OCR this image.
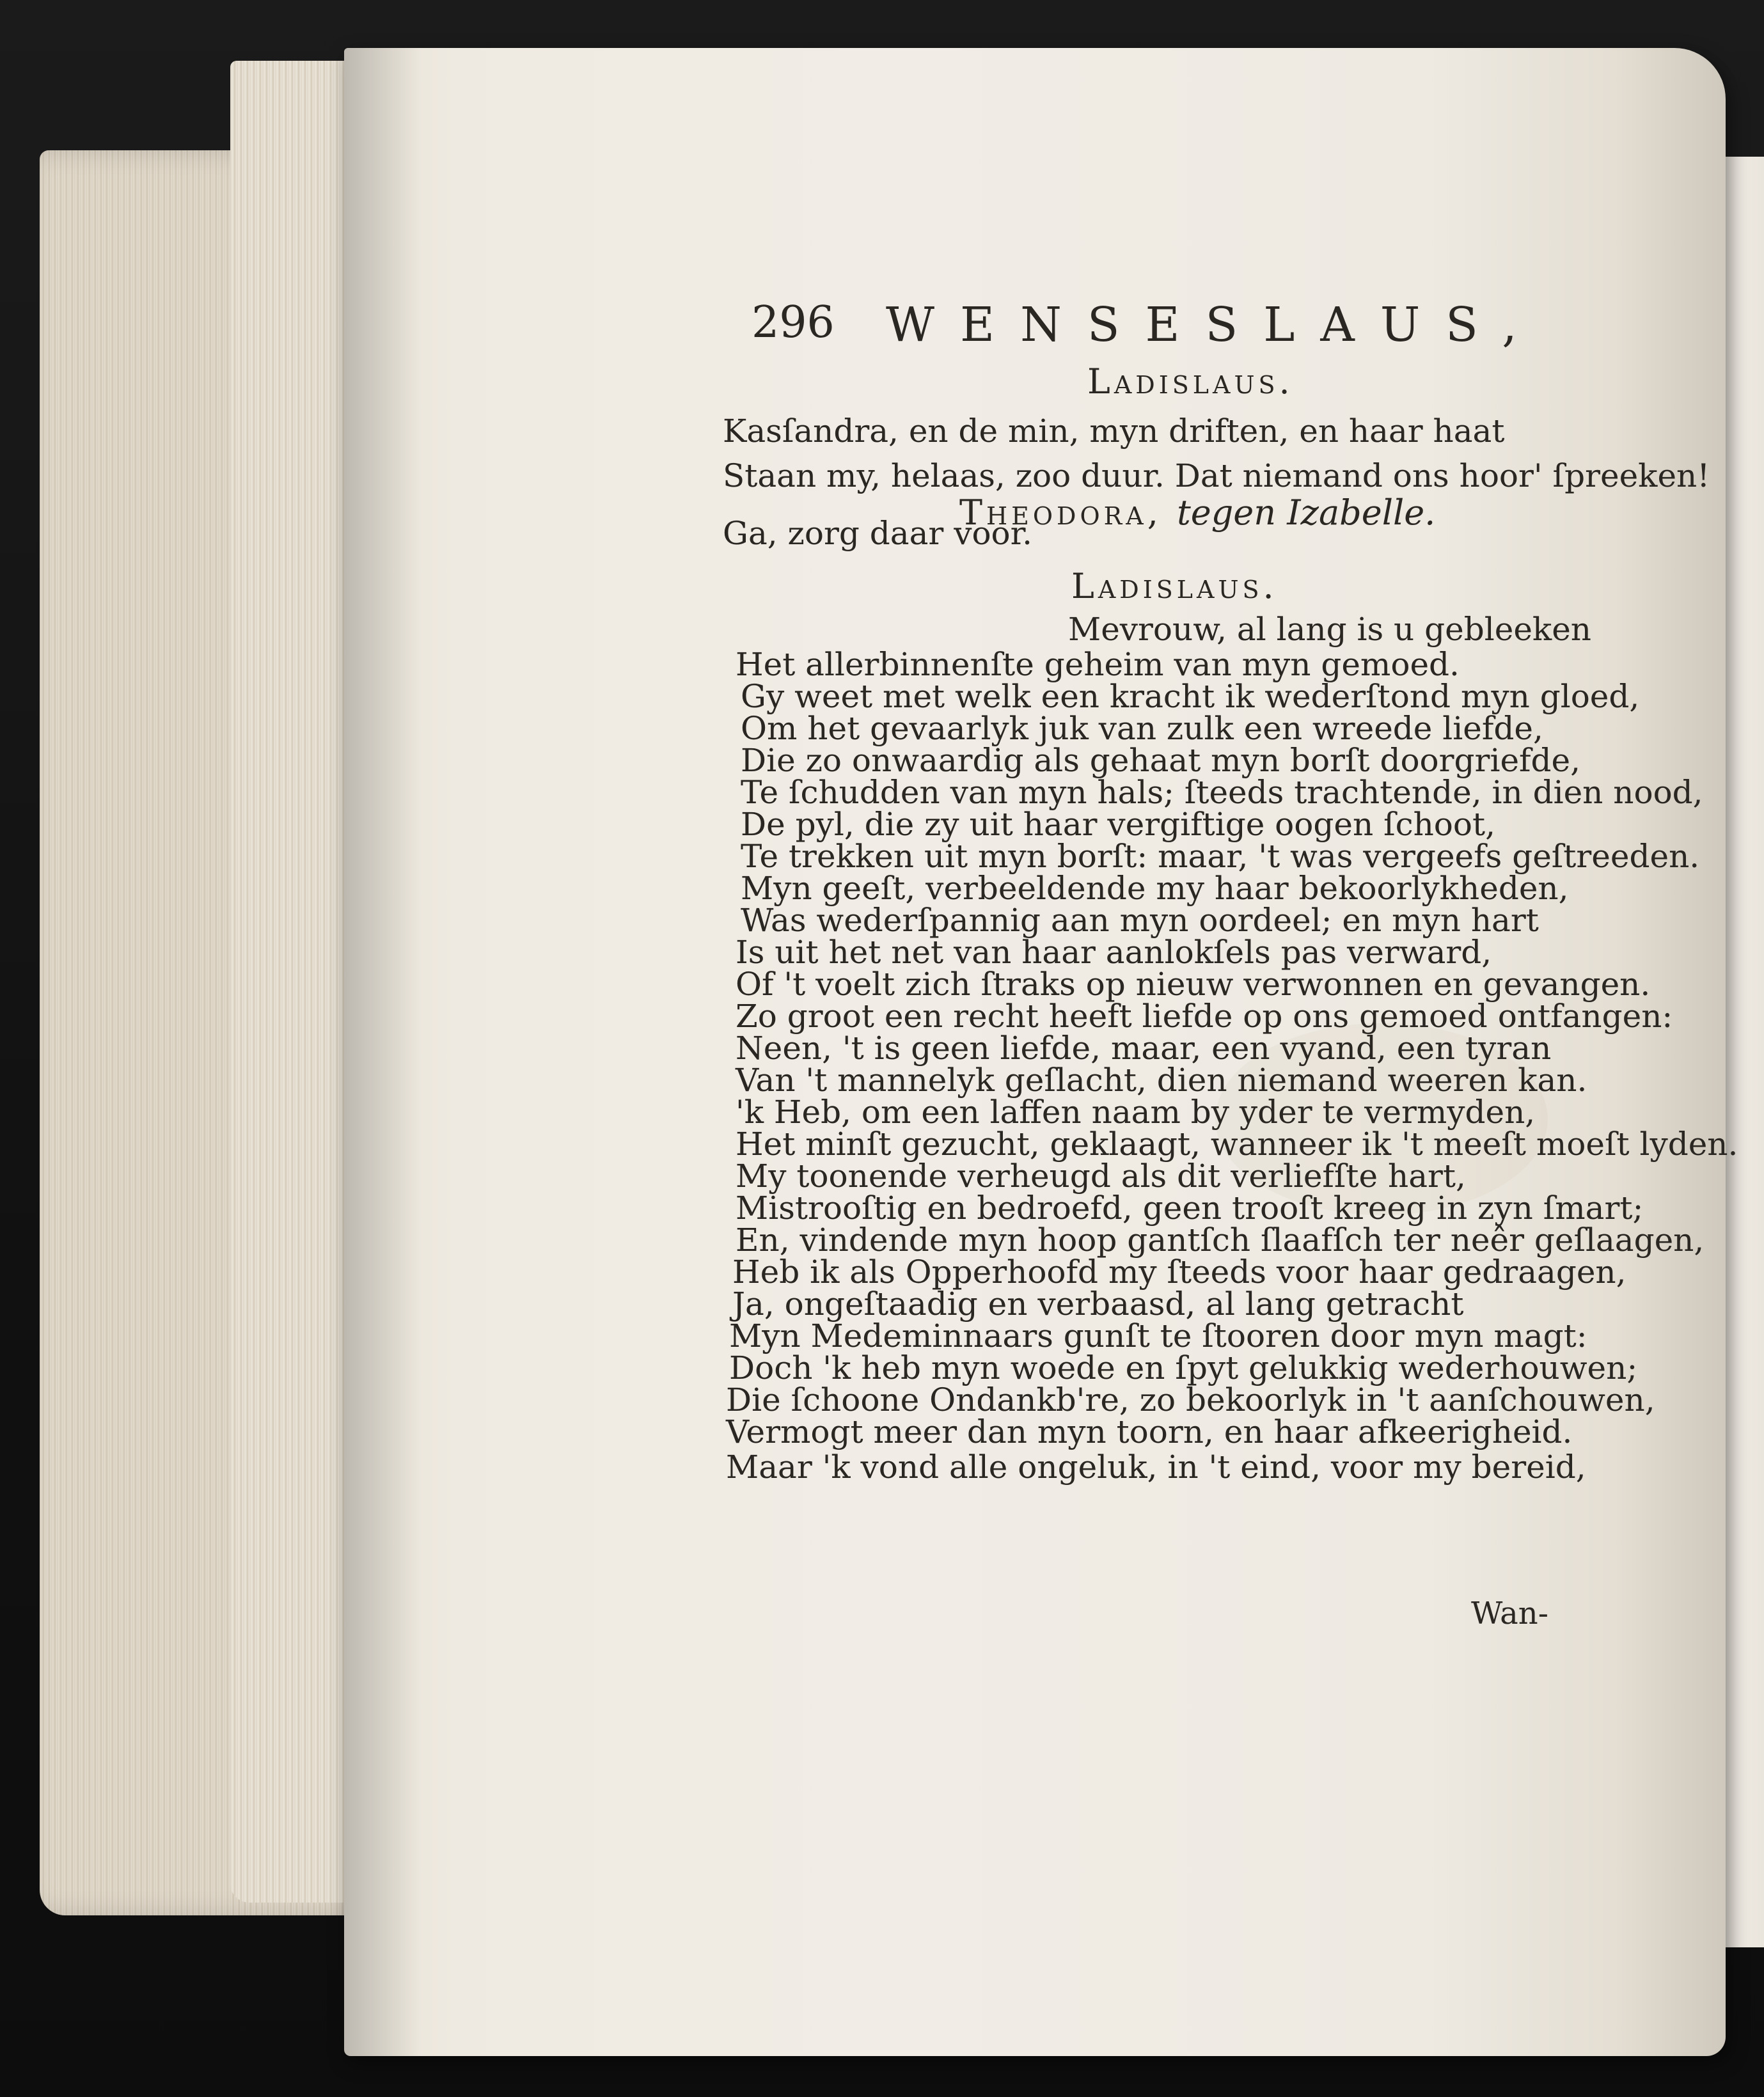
296 WENSESLAUS,
Ladislaus.
Kasſandra, en de min, myn driften, en haar haat
Staan my, helaas, zoo duur. Dat niemand ons hoor' ſpreeken!
Theodora, tegen Izabelle.
Ga, zorg daar voor.
Ladislaus.
Mevrouw, al lang is u gebleeken
Het allerbinnenſte geheim van myn gemoed.
Gy weet met welk een kracht ik wederſtond myn gloed,
Om het gevaarlyk juk van zulk een wreede liefde,
Die zo onwaardig als gehaat myn borſt doorgriefde,
Te ſchudden van myn hals; ſteeds trachtende, in dien nood,
De pyl, die zy uit haar vergiftige oogen ſchoot,
Te trekken uit myn borſt: maar, 't was vergeefs geſtreeden.
Myn geeſt, verbeeldende my haar bekoorlykheden,
Was wederſpannig aan myn oordeel; en myn hart
Is uit het net van haar aanlokſels pas verward,
Of 't voelt zich ſtraks op nieuw verwonnen en gevangen.
Zo groot een recht heeft liefde op ons gemoed ontfangen:
Neen, 't is geen liefde, maar, een vyand, een tyran
Van 't mannelyk geſlacht, dien niemand weeren kan.
'k Heb, om een laffen naam by yder te vermyden,
Het minſt gezucht, geklaagt, wanneer ik 't meeſt moeſt lyden.
My toonende verheugd als dit verliefſte hart,
Mistrooſtig en bedroefd, geen trooſt kreeg in zyn ſmart;
En, vindende myn hoop gantſch ſlaafſch ter neêr geſlaagen,
Heb ik als Opperhoofd my ſteeds voor haar gedraagen,
Ja, ongeſtaadig en verbaasd, al lang getracht
Myn Medeminnaars gunſt te ſtooren door myn magt:
Doch 'k heb myn woede en ſpyt gelukkig wederhouwen;
Die ſchoone Ondankb're, zo bekoorlyk in 't aanſchouwen,
Vermogt meer dan myn toorn, en haar afkeerigheid.
Maar 'k vond alle ongeluk, in 't eind, voor my bereid,
Wan-
